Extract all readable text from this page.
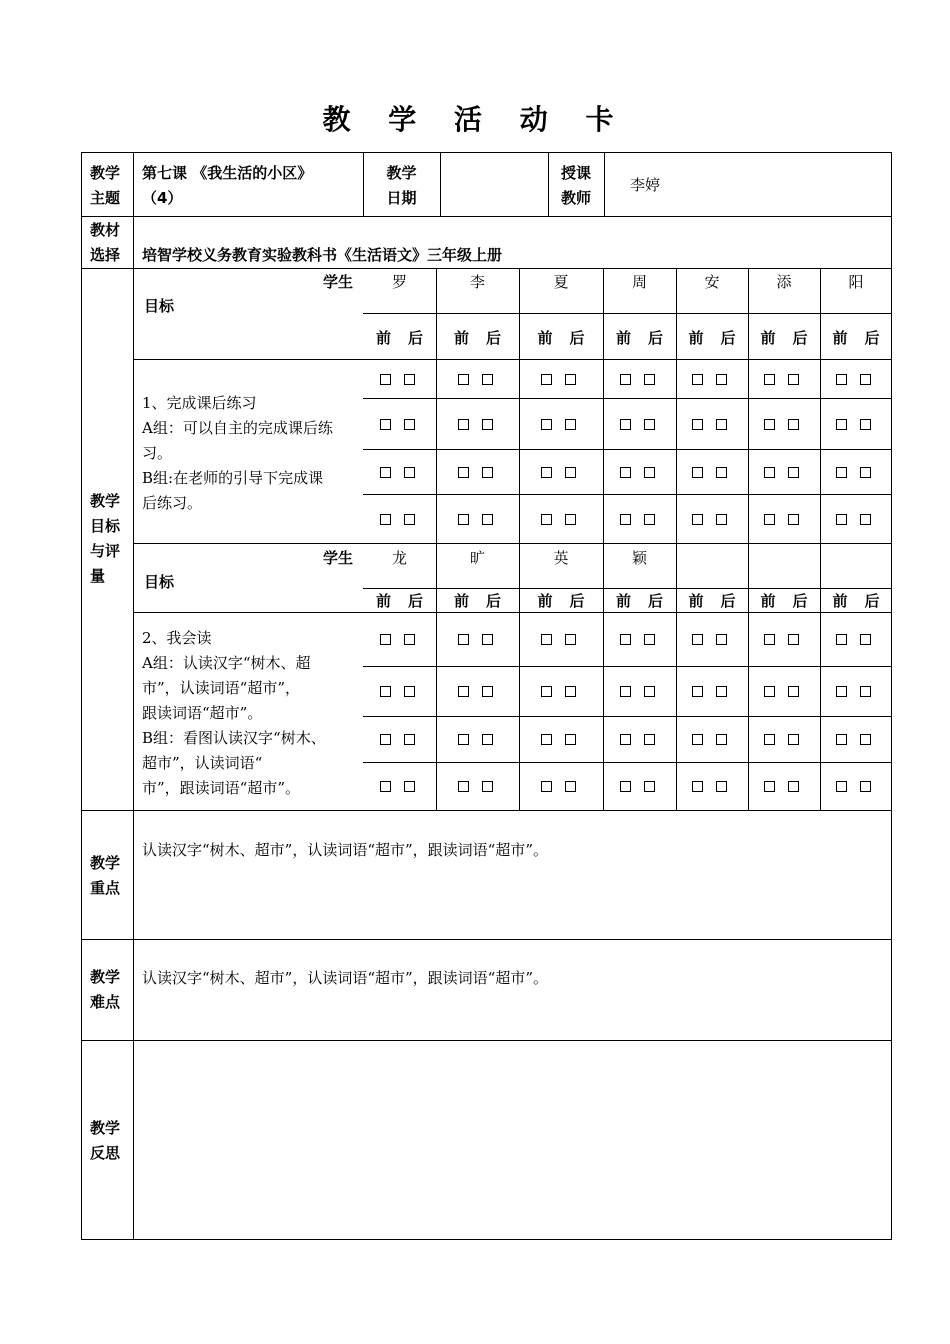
教 学 活 动 卡
教学
主题
第七课 《我生活的小区》
（4）
教学
日期
授课
教师
李婷
教材
选择 培智学校义务教育实验教科书《生活语文》三年级上册
教学
目标
与评
量
学生
目标
1、完成课后练习
A组：可以自主的完成课后练
习。
B组:在老师的引导下完成课
后练习。
学生
目标
2、我会读
A组：认读汉字“树木、超
市”，认读词语“超市”，
跟读词语“超市”。
B组：看图认读汉字“树木、
超市”，认读词语“
市”，跟读词语“超市”。
罗
前 后
李
前 后
夏
前 后
周
前 后
安
前 后
添
前 后
阳
前 后
龙
前 后
旷
前 后
英
前 后
颖
前 后 前 后 前 后 前 后
教学
重点
认读汉字“树木、超市”，认读词语“超市”，跟读词语“超市”。
教学
难点
认读汉字“树木、超市”，认读词语“超市”，跟读词语“超市”。
教学
反思
